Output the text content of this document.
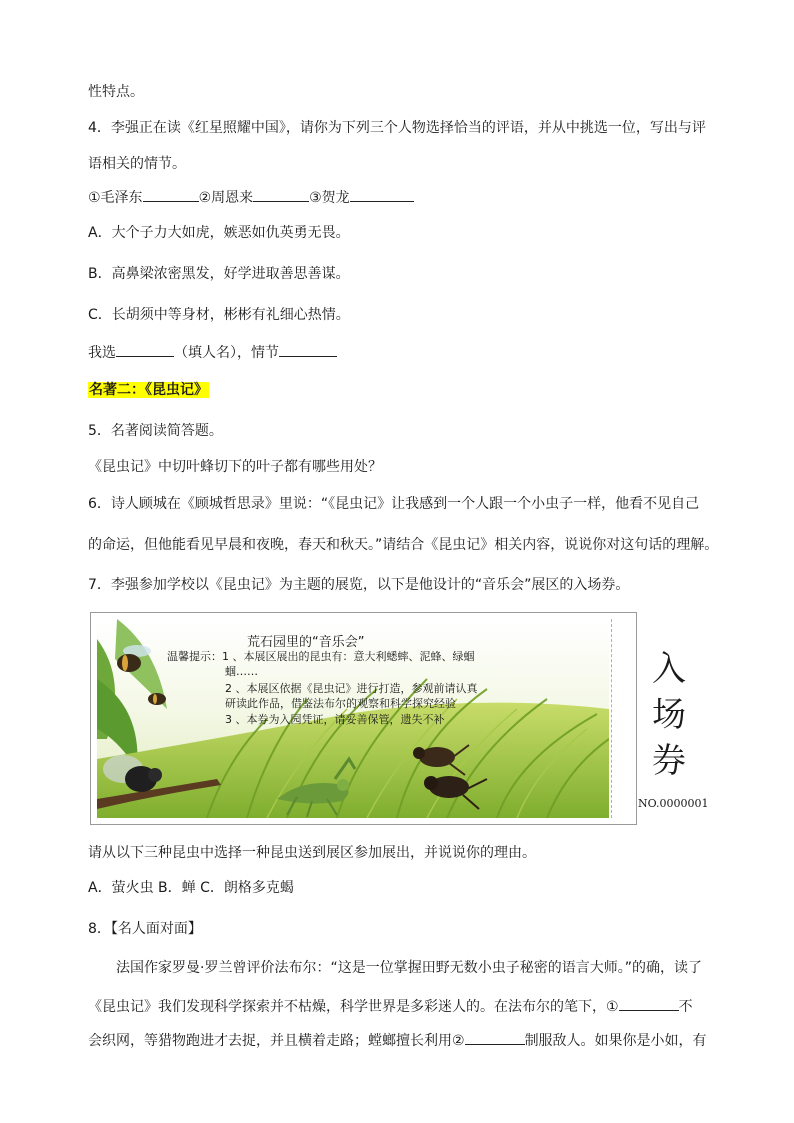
性特点。
4．李强正在读《红星照耀中国》，请你为下列三个人物选择恰当的评语，并从中挑选一位，写出与评
语相关的情节。
①毛泽东	②周恩来	③贺龙
A．大个子力大如虎，嫉恶如仇英勇无畏。
B．高鼻梁浓密黑发，好学进取善思善谋。
C．长胡须中等身材，彬彬有礼细心热情。
我选	（填人名），情节
名著二：《昆虫记》
5．名著阅读简答题。
《昆虫记》中切叶蜂切下的叶子都有哪些用处？
6．诗人顾城在《顾城哲思录》里说：“《昆虫记》让我感到一个人跟一个小虫子一样，他看不见自己
的命运，但他能看见早晨和夜晚，春天和秋天。”请结合《昆虫记》相关内容，说说你对这句话的理解。
7．李强参加学校以《昆虫记》为主题的展览，以下是他设计的“音乐会”展区的入场券。
荒石园里的“音乐会”
温馨提示：1 、本展区展出的昆虫有：意大利蟋蟀、泥蜂、绿蝈
蝈……
2 、本展区依据《昆虫记》进行打造，参观前请认真
研读此作品，借鉴法布尔的观察和科学探究经验
3 、本券为入园凭证，请妥善保管，遗失不补
入
场
券
NO.0000001
请从以下三种昆虫中选择一种昆虫送到展区参加展出，并说说你的理由。
A．萤火虫 B．蝉 C．朗格多克蝎
8．【名人面对面】
法国作家罗曼·罗兰曾评价法布尔：“这是一位掌握田野无数小虫子秘密的语言大师。”的确，读了
《昆虫记》我们发现科学探索并不枯燥，科学世界是多彩迷人的。在法布尔的笔下，①	不
会织网，等猎物跑进才去捉，并且横着走路；螳螂擅长利用②	制服敌人。如果你是小如，有
